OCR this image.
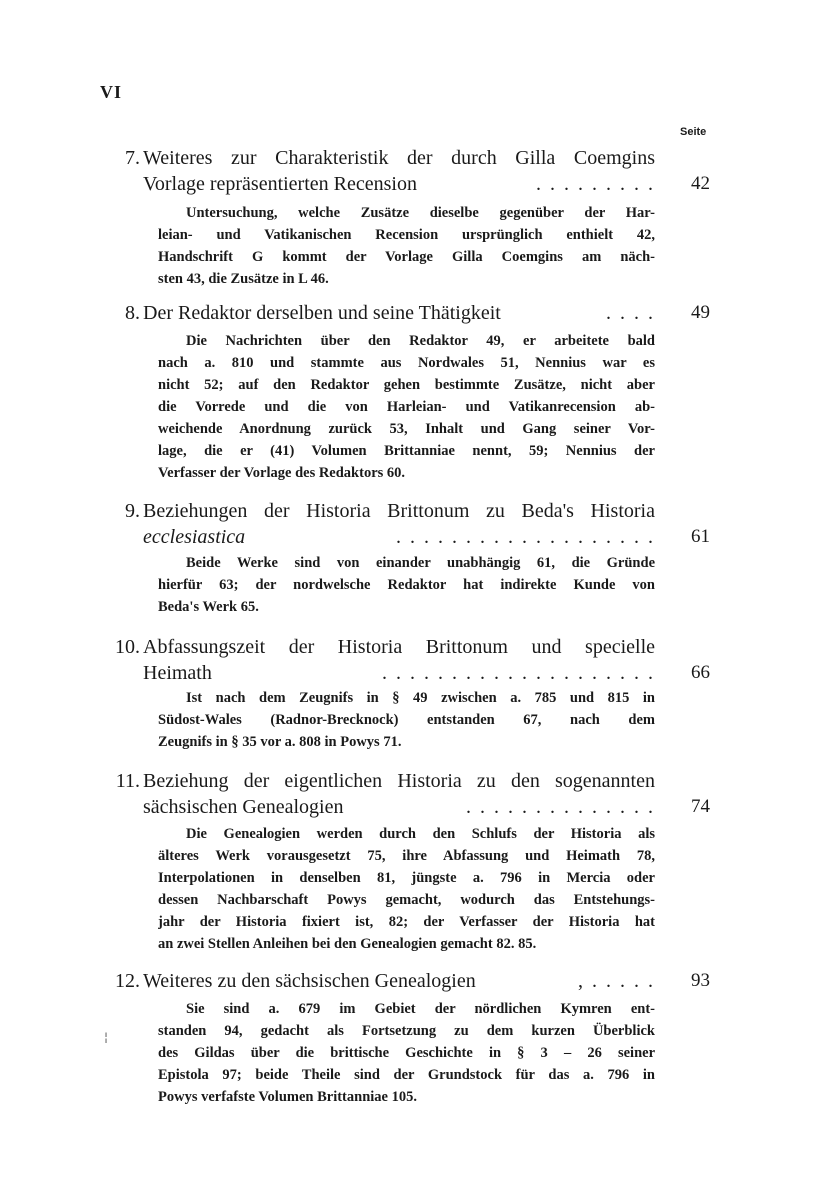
VI
Seite
7. Weiteres zur Charakteristik der durch Gilla Coemgins
Vorlage repräsentierten Recension	. . . . . . . . .	42
Untersuchung, welche Zusätze dieselbe gegenüber der Har-
leian- und Vatikanischen Recension ursprünglich enthielt 42,
Handschrift G kommt der Vorlage Gilla Coemgins am näch-
sten 43, die Zusätze in L 46.
8. Der Redaktor derselben und seine Thätigkeit	. . . .	49
Die Nachrichten über den Redaktor 49, er arbeitete bald
nach a. 810 und stammte aus Nordwales 51, Nennius war es
nicht 52; auf den Redaktor gehen bestimmte Zusätze, nicht aber
die Vorrede und die von Harleian- und Vatikanrecension ab-
weichende Anordnung zurück 53, Inhalt und Gang seiner Vor-
lage, die er (41) Volumen Brittanniae nennt, 59; Nennius der
Verfasser der Vorlage des Redaktors 60.
9. Beziehungen der Historia Brittonum zu Beda's Historia
ecclesiastica	. . . . . . . . . . . . . . . . . . .	61
Beide Werke sind von einander unabhängig 61, die Gründe
hierfür 63; der nordwelsche Redaktor hat indirekte Kunde von
Beda's Werk 65.
10. Abfassungszeit der Historia Brittonum und specielle
Heimath	. . . . . . . . . . . . . . . . . . . .	66
Ist nach dem Zeugnifs in § 49 zwischen a. 785 und 815 in
Südost-Wales (Radnor-Brecknock) entstanden 67, nach dem
Zeugnifs in § 35 vor a. 808 in Powys 71.
11. Beziehung der eigentlichen Historia zu den sogenannten
sächsischen Genealogien	. . . . . . . . . . . . . .	74
Die Genealogien werden durch den Schlufs der Historia als
älteres Werk vorausgesetzt 75, ihre Abfassung und Heimath 78,
Interpolationen in denselben 81, jüngste a. 796 in Mercia oder
dessen Nachbarschaft Powys gemacht, wodurch das Entstehungs-
jahr der Historia fixiert ist, 82; der Verfasser der Historia hat
an zwei Stellen Anleihen bei den Genealogien gemacht 82. 85.
12. Weiteres zu den sächsischen Genealogien	, . . . . .	93
Sie sind a. 679 im Gebiet der nördlichen Kymren ent-
standen 94, gedacht als Fortsetzung zu dem kurzen Überblick
des Gildas über die brittische Geschichte in § 3 – 26 seiner
Epistola 97; beide Theile sind der Grundstock für das a. 796 in
Powys verfafste Volumen Brittanniae 105.
¦
